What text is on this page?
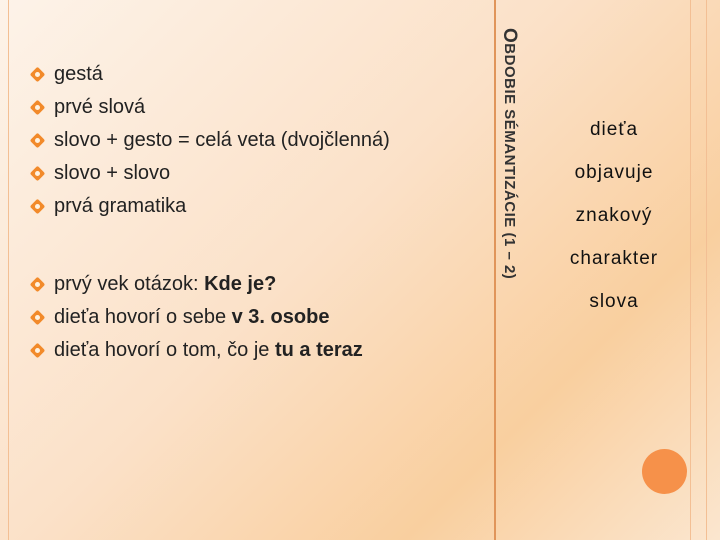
OBDOBIE SÉMANTIZÁCIE (1 – 2)
gestá
prvé slová
slovo + gesto = celá veta (dvojčlenná)
slovo + slovo
prvá gramatika
prvý vek otázok: Kde je?
dieťa hovorí o sebe v 3. osobe
dieťa hovorí o tom, čo je tu a teraz
dieťa
objavuje
znakový
charakter
slova
